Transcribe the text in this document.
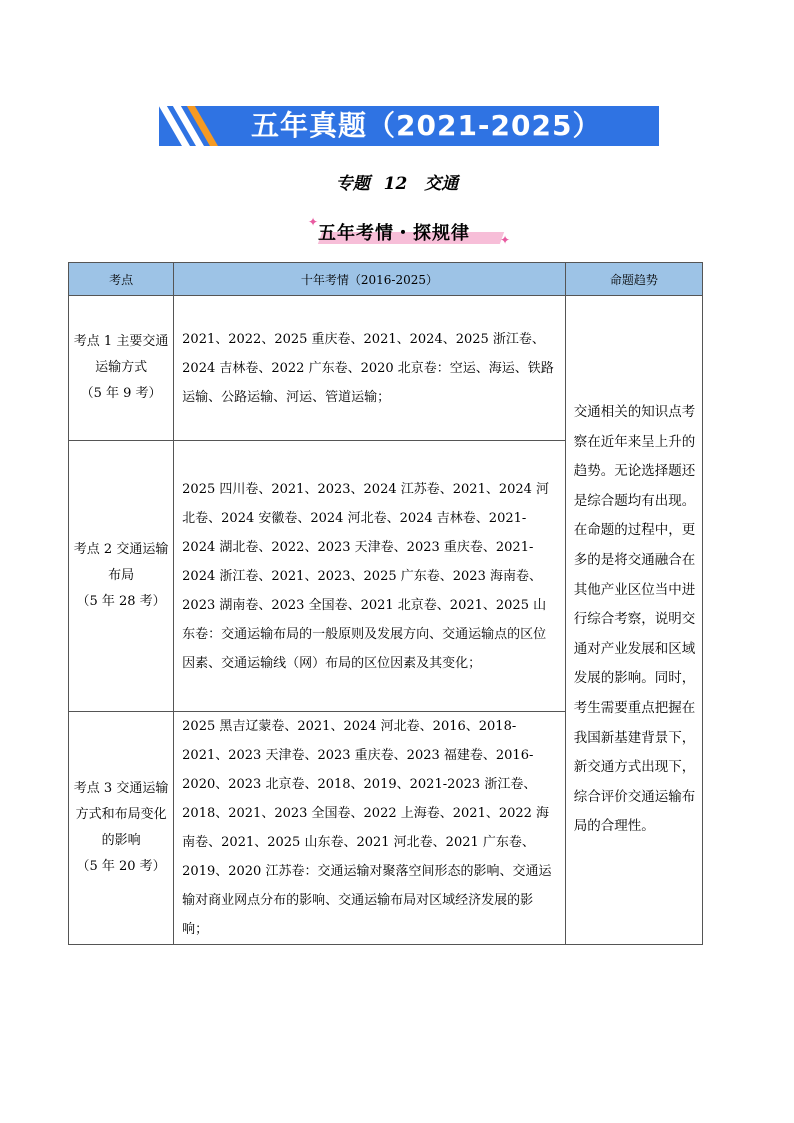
五年真题（2021-2025）
专题 12　交通
五年考情・探规律
✦
✦
考点	十年考情（2016-2025）	命题趋势

考点 1 主要交通运输方式
（5 年 9 考）	2021、2022、2025 重庆卷、2021、2024、2025 浙江卷、2024 吉林卷、2022 广东卷、2020 北京卷：空运、海运、铁路运输、公路运输、河运、管道运输；	交通相关的知识点考察在近年来呈上升的趋势。无论选择题还是综合题均有出现。在命题的过程中，更多的是将交通融合在其他产业区位当中进行综合考察，说明交通对产业发展和区域发展的影响。同时，考生需要重点把握在我国新基建背景下，新交通方式出现下，综合评价交通运输布局的合理性。

考点 2 交通运输布局
（5 年 28 考）	2025 四川卷、2021、2023、2024 江苏卷、2021、2024 河北卷、2024 安徽卷、2024 河北卷、2024 吉林卷、2021-2024 湖北卷、2022、2023 天津卷、2023 重庆卷、2021-2024 浙江卷、2021、2023、2025 广东卷、2023 海南卷、2023 湖南卷、2023 全国卷、2021 北京卷、2021、2025 山东卷：交通运输布局的一般原则及发展方向、交通运输点的区位因素、交通运输线（网）布局的区位因素及其变化；	

考点 3 交通运输方式和布局变化的影响
（5 年 20 考）	2025 黑吉辽蒙卷、2021、2024 河北卷、2016、2018-2021、2023 天津卷、2023 重庆卷、2023 福建卷、2016-2020、2023 北京卷、2018、2019、2021-2023 浙江卷、2018、2021、2023 全国卷、2022 上海卷、2021、2022 海南卷、2021、2025 山东卷、2021 河北卷、2021 广东卷、2019、2020 江苏卷：交通运输对聚落空间形态的影响、交通运输对商业网点分布的影响、交通运输布局对区域经济发展的影响；	
